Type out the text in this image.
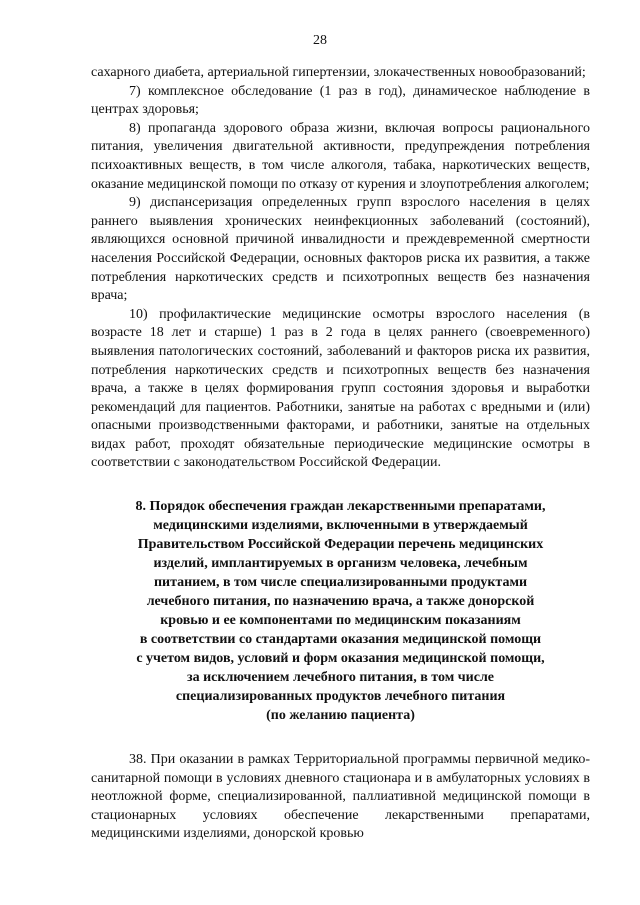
28

сахарного диабета, артериальной гипертензии, злокачественных новообразований;

7) комплексное обследование (1 раз в год), динамическое наблюдение в центрах здоровья;

8) пропаганда здорового образа жизни, включая вопросы рационального питания, увеличения двигательной активности, предупреждения потребления психоактивных веществ, в том числе алкоголя, табака, наркотических веществ, оказание медицинской помощи по отказу от курения и злоупотребления алкоголем;

9) диспансеризация определенных групп взрослого населения в целях раннего выявления хронических неинфекционных заболеваний (состояний), являющихся основной причиной инвалидности и преждевременной смертности населения Российской Федерации, основных факторов риска их развития, а также потребления наркотических средств и психотропных веществ без назначения врача;

10) профилактические медицинские осмотры взрослого населения (в возрасте 18 лет и старше) 1 раз в 2 года в целях раннего (своевременного) выявления патологических состояний, заболеваний и факторов риска их развития, потребления наркотических средств и психотропных веществ без назначения врача, а также в целях формирования групп состояния здоровья и выработки рекомендаций для пациентов. Работники, занятые на работах с вредными и (или) опасными производственными факторами, и работники, занятые на отдельных видах работ, проходят обязательные периодические медицинские осмотры в соответствии с законодательством Российской Федерации.

8. Порядок обеспечения граждан лекарственными препаратами,
медицинскими изделиями, включенными в утверждаемый
Правительством Российской Федерации перечень медицинских
изделий, имплантируемых в организм человека, лечебным
питанием, в том числе специализированными продуктами
лечебного питания, по назначению врача, а также донорской
кровью и ее компонентами по медицинским показаниям
в соответствии со стандартами оказания медицинской помощи
с учетом видов, условий и форм оказания медицинской помощи,
за исключением лечебного питания, в том числе
специализированных продуктов лечебного питания
(по желанию пациента)

38. При оказании в рамках Территориальной программы первичной медико-санитарной помощи в условиях дневного стационара и в амбулаторных условиях в неотложной форме, специализированной, паллиативной медицинской помощи в стационарных условиях обеспечение лекарственными препаратами, медицинскими изделиями, донорской кровью
